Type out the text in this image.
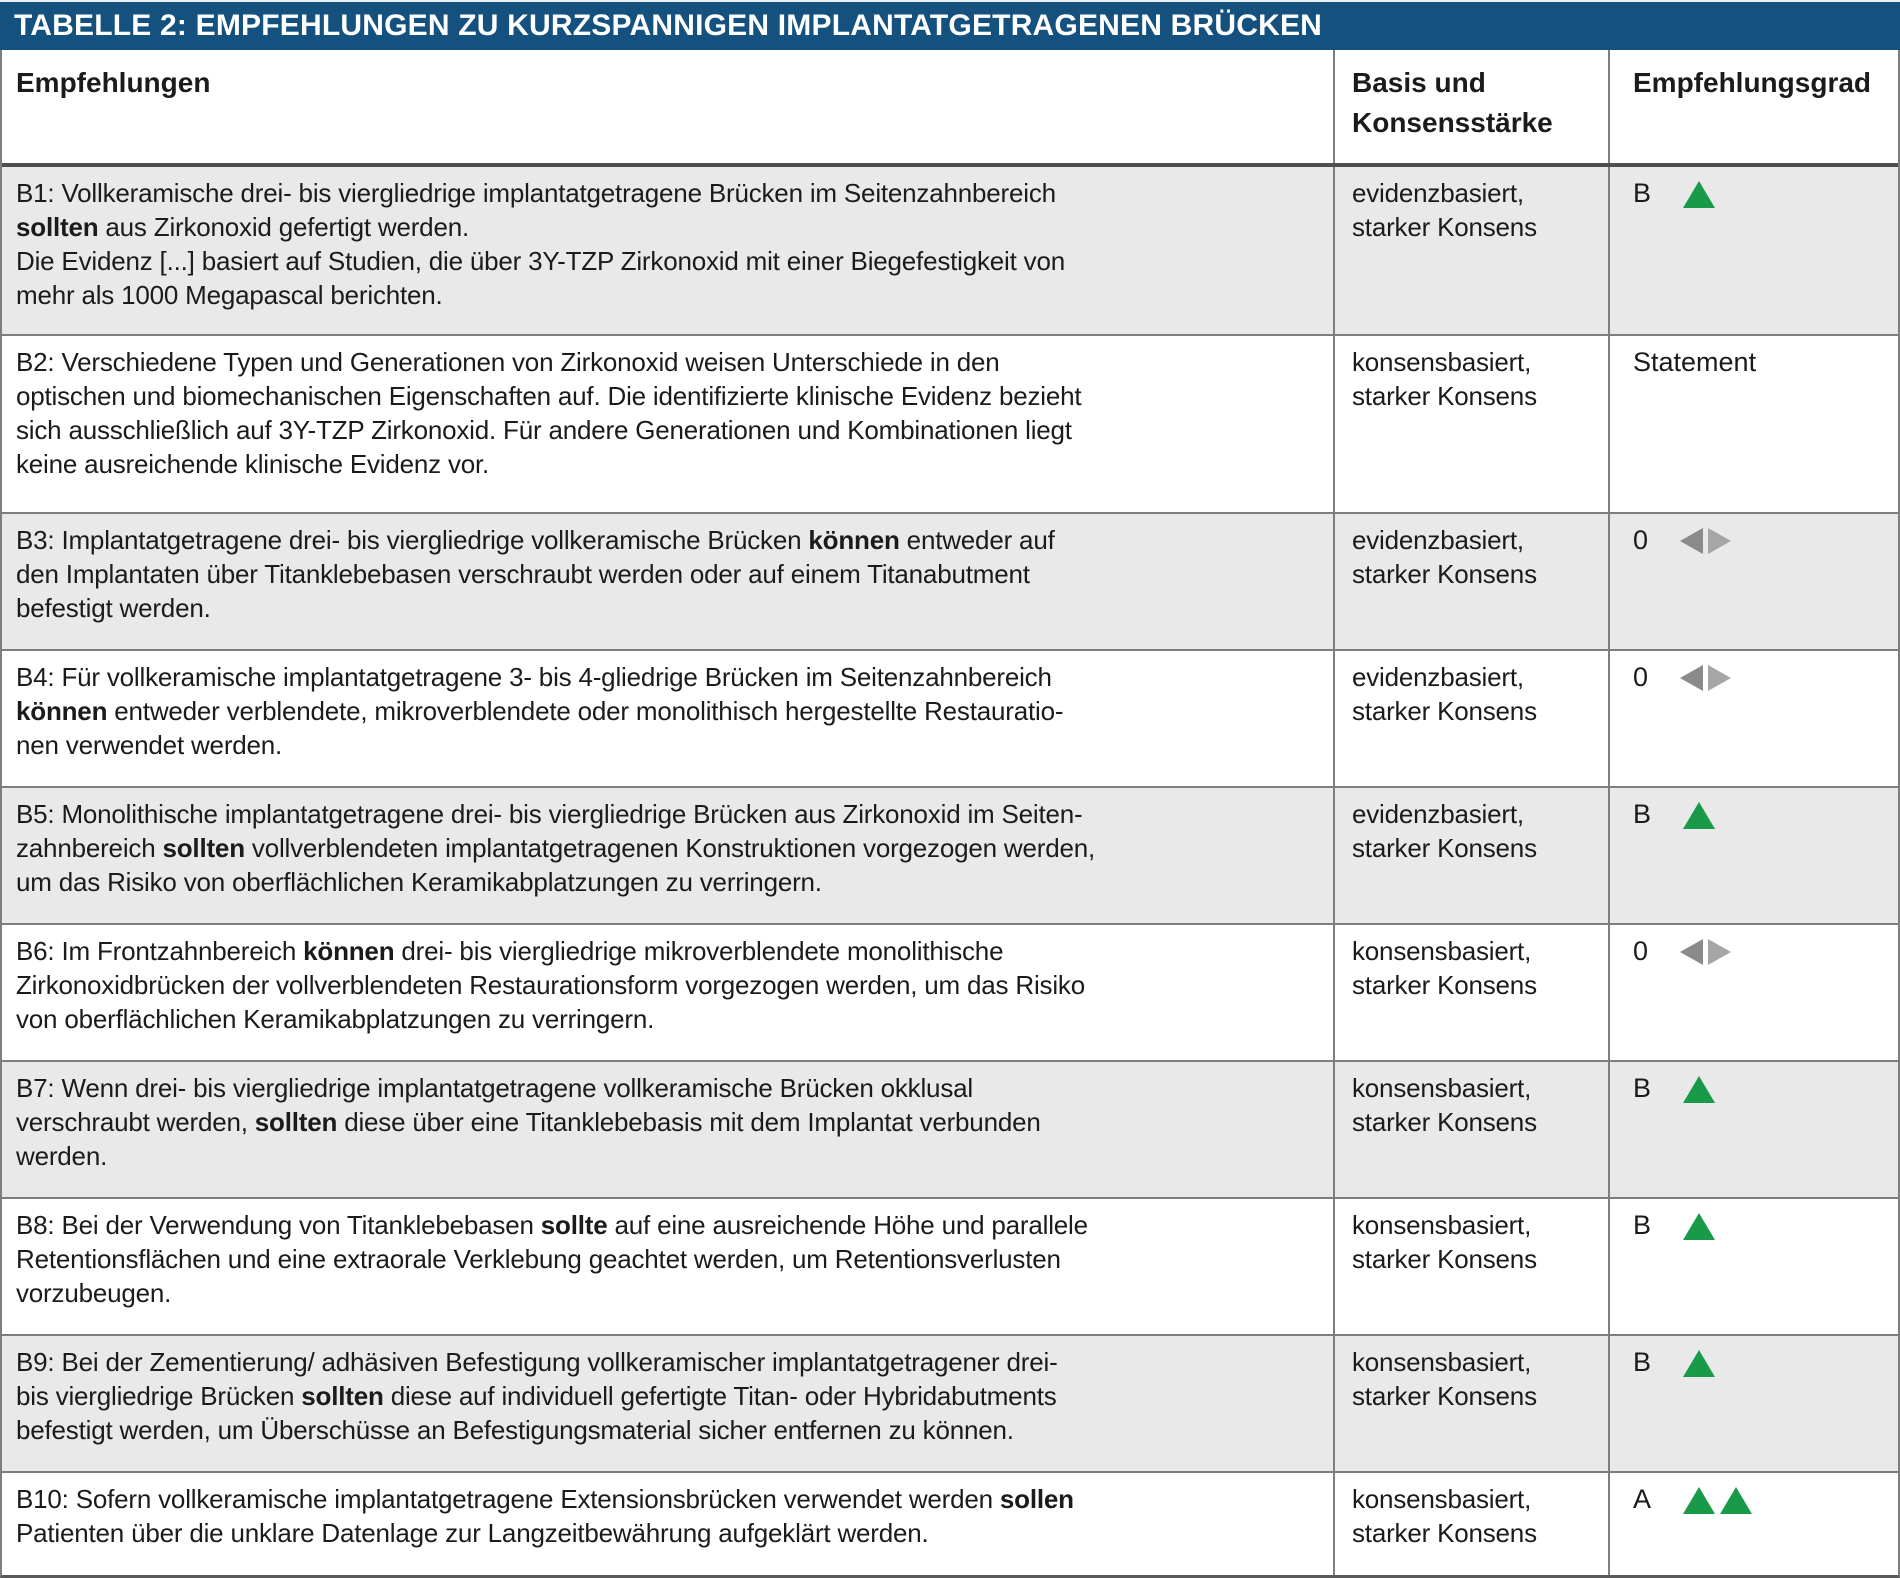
TABELLE 2: EMPFEHLUNGEN ZU KURZSPANNIGEN IMPLANTATGETRAGENEN BRÜCKEN
Empfehlungen	Basis und
Konsensstärke
Empfehlungsgrad
B1: Vollkeramische drei- bis viergliedrige implantatgetragene Brücken im Seitenzahnbereich
sollten aus Zirkonoxid gefertigt werden.
Die Evidenz [...] basiert auf Studien, die über 3Y-TZP Zirkonoxid mit einer Biegefestigkeit von
mehr als 1000 Megapascal berichten.
evidenzbasiert,
starker Konsens
B
B2: Verschiedene Typen und Generationen von Zirkonoxid weisen Unterschiede in den
optischen und biomechanischen Eigenschaften auf. Die identifizierte klinische Evidenz bezieht
sich ausschließlich auf 3Y-TZP Zirkonoxid. Für andere Generationen und Kombinationen liegt
keine ausreichende klinische Evidenz vor.
konsensbasiert,
starker Konsens
Statement
B3: Implantatgetragene drei- bis viergliedrige vollkeramische Brücken können entweder auf
den Implantaten über Titanklebebasen verschraubt werden oder auf einem Titanabutment
befestigt werden.
evidenzbasiert,
starker Konsens
0
B4: Für vollkeramische implantatgetragene 3- bis 4-gliedrige Brücken im Seitenzahnbereich
können entweder verblendete, mikroverblendete oder monolithisch hergestellte Restauratio-
nen verwendet werden.
evidenzbasiert,
starker Konsens
0
B5: Monolithische implantatgetragene drei- bis viergliedrige Brücken aus Zirkonoxid im Seiten-
zahnbereich sollten vollverblendeten implantatgetragenen Konstruktionen vorgezogen werden,
um das Risiko von oberflächlichen Keramikabplatzungen zu verringern.
evidenzbasiert,
starker Konsens
B
B6: Im Frontzahnbereich können drei- bis viergliedrige mikroverblendete monolithische
Zirkonoxidbrücken der vollverblendeten Restaurationsform vorgezogen werden, um das Risiko
von oberflächlichen Keramikabplatzungen zu verringern.
konsensbasiert,
starker Konsens
0
B7: Wenn drei- bis viergliedrige implantatgetragene vollkeramische Brücken okklusal
verschraubt werden, sollten diese über eine Titanklebebasis mit dem Implantat verbunden
werden.
konsensbasiert,
starker Konsens
B
B8: Bei der Verwendung von Titanklebebasen sollte auf eine ausreichende Höhe und parallele
Retentionsflächen und eine extraorale Verklebung geachtet werden, um Retentionsverlusten
vorzubeugen.
konsensbasiert,
starker Konsens
B
B9: Bei der Zementierung/ adhäsiven Befestigung vollkeramischer implantatgetragener drei-
bis viergliedrige Brücken sollten diese auf individuell gefertigte Titan- oder Hybridabutments
befestigt werden, um Überschüsse an Befestigungsmaterial sicher entfernen zu können.
konsensbasiert,
starker Konsens
B
B10: Sofern vollkeramische implantatgetragene Extensionsbrücken verwendet werden sollen
Patienten über die unklare Datenlage zur Langzeitbewährung aufgeklärt werden.
konsensbasiert,
starker Konsens
A
